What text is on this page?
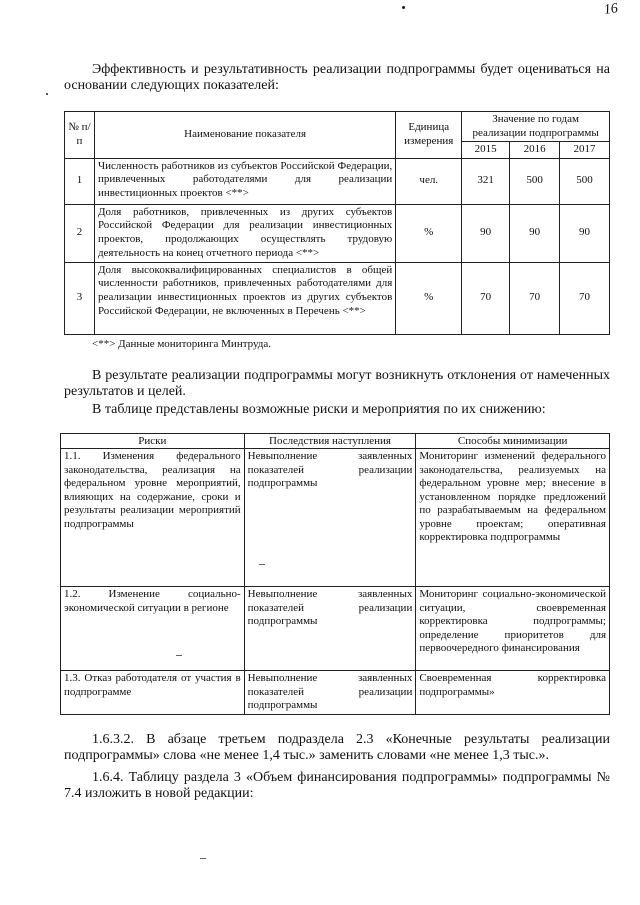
16
Эффективность и результативность реализации подпрограммы будет оцениваться на основании следующих показателей:
№ п/п	Наименование показателя	Единица измерения	Значение по годам реализации подпрограммы		
			2015	2016	2017
1	Численность работников из субъектов Российской Федерации, привлеченных работодателями для реализации инвестиционных проектов <**>	чел.	321	500	500
2	Доля работников, привлеченных из других субъектов Российской Федерации для реализации инвестиционных проектов, продолжающих осуществлять трудовую деятельность на конец отчетного периода <**>	%	90	90	90
3	Доля высококвалифицированных специалистов в общей численности работников, привлеченных работодателями для реализации инвестиционных проектов из других субъектов Российской Федерации, не включенных в Перечень <**>	%	70	70	70
<**> Данные мониторинга Минтруда.
В результате реализации подпрограммы могут возникнуть отклонения от намеченных результатов и целей.
В таблице представлены возможные риски и мероприятия по их снижению:
Риски	Последствия наступления	Способы минимизации
1.1. Изменения федерального законодательства, реализация на федеральном уровне мероприятий, влияющих на содержание, сроки и результаты реализации мероприятий подпрограммы	Невыполнение заявленных показателей реализации подпрограммы	Мониторинг изменений федерального законодательства, реализуемых на федеральном уровне мер; внесение в установленном порядке предложений по разрабатываемым на федеральном уровне проектам; оперативная корректировка подпрограммы
1.2. Изменение социально-экономической ситуации в регионе	Невыполнение заявленных показателей реализации подпрограммы	Мониторинг социально-экономической ситуации, своевременная корректировка подпрограммы; определение приоритетов для первоочередного финансирования
1.3. Отказ работодателя от участия в подпрограмме	Невыполнение заявленных показателей реализации подпрограммы	Своевременная корректировка подпрограммы»
1.6.3.2. В абзаце третьем подраздела 2.3 «Конечные результаты реализации подпрограммы» слова «не менее 1,4 тыс.» заменить словами «не менее 1,3 тыс.».
1.6.4. Таблицу раздела 3 «Объем финансирования подпрограммы» подпрограммы № 7.4 изложить в новой редакции:
